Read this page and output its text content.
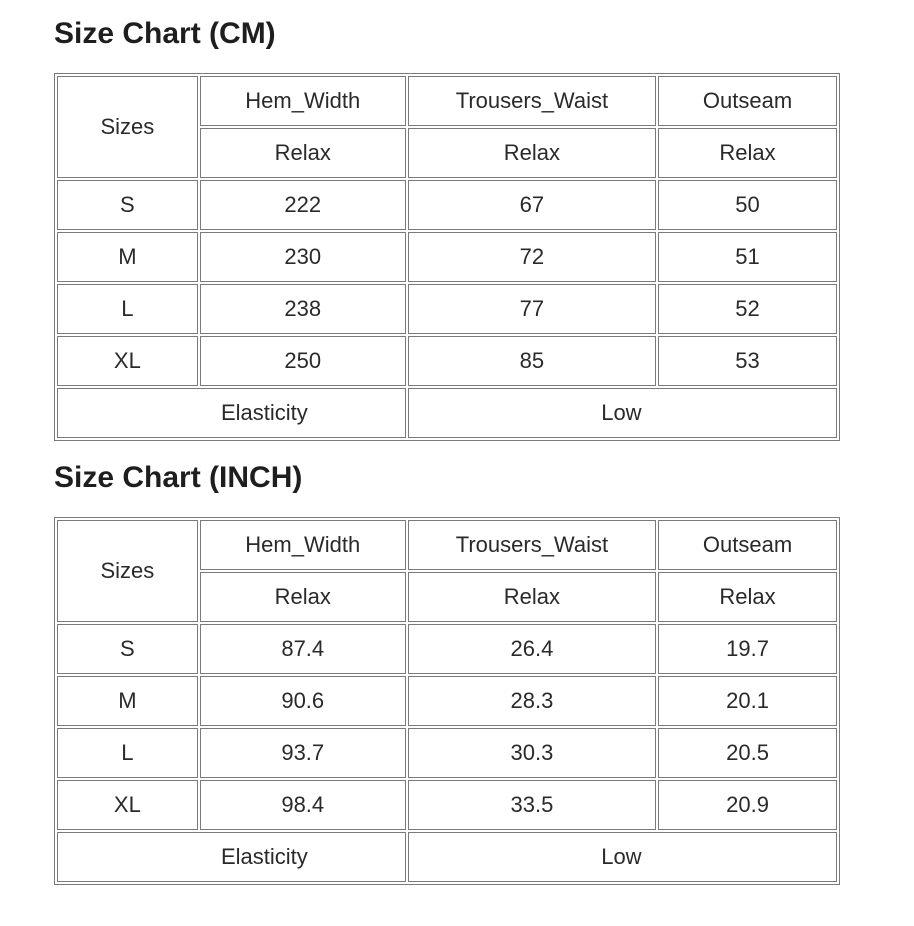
Size Chart (CM)
Sizes	Hem_Width	Trousers_Waist	Outseam
	Relax	Relax	Relax
S	222	67	50
M	230	72	51
L	238	77	52
XL	250	85	53
Elasticity		Low	
Size Chart (INCH)
Sizes	Hem_Width	Trousers_Waist	Outseam
	Relax	Relax	Relax
S	87.4	26.4	19.7
M	90.6	28.3	20.1
L	93.7	30.3	20.5
XL	98.4	33.5	20.9
Elasticity		Low	
